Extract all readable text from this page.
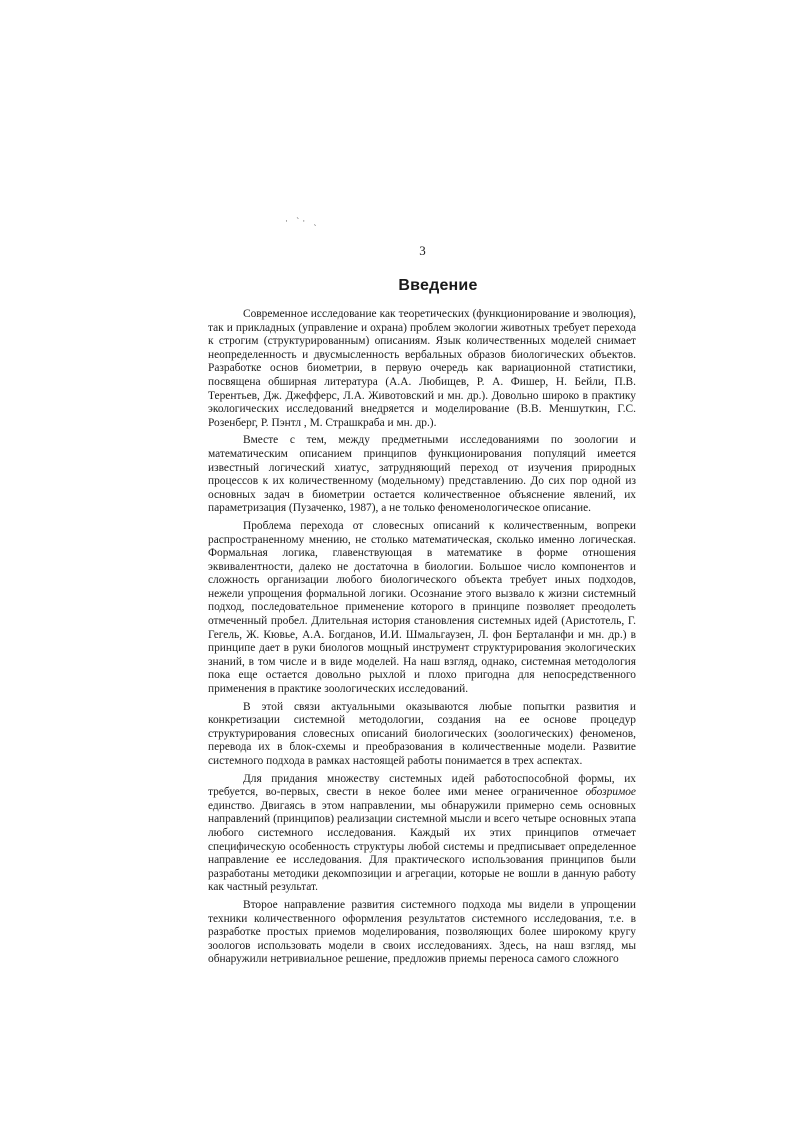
· `· ˏ
3
Введение

Современное исследование как теоретических (функционирование и эволюция), так и прикладных (управление и охрана) проблем экологии животных требует перехода к строгим (структурированным) описаниям. Язык количественных моделей снимает неопределенность и двусмысленность вербальных образов биологических объектов. Разработке основ биометрии, в первую очередь как вариационной статистики, посвящена обширная литература (А.А. Любищев, Р. А. Фишер, Н. Бейли, П.В. Терентьев, Дж. Джефферс, Л.А. Животовский и мн. др.). Довольно широко в практику экологических исследований внедряется и моделирование (В.В. Меншуткин, Г.С. Розенберг, Р. Пэнтл , М. Страшкраба и мн. др.).

Вместе с тем, между предметными исследованиями по зоологии и математическим описанием принципов функционирования популяций имеется известный логический хиатус, затрудняющий переход от изучения природных процессов к их количественному (модельному) представлению. До сих пор одной из основных задач в биометрии остается количественное объяснение явлений, их параметризация (Пузаченко, 1987), а не только феноменологическое описание.

Проблема перехода от словесных описаний к количественным, вопреки распространенному мнению, не столько математическая, сколько именно логическая. Формальная логика, главенствующая в математике в форме отношения эквивалентности, далеко не достаточна в биологии. Большое число компонентов и сложность организации любого биологического объекта требует иных подходов, нежели упрощения формальной логики. Осознание этого вызвало к жизни системный подход, последовательное применение которого в принципе позволяет преодолеть отмеченный пробел. Длительная история становления системных идей (Аристотель, Г. Гегель, Ж. Кювье, А.А. Богданов, И.И. Шмальгаузен, Л. фон Берталанфи и мн. др.) в принципе дает в руки биологов мощный инструмент структурирования экологических знаний, в том числе и в виде моделей. На наш взгляд, однако, системная методология пока еще остается довольно рыхлой и плохо пригодна для непосредственного применения в практике зоологических исследований.

В этой связи актуальными оказываются любые попытки развития и конкретизации системной методологии, создания на ее основе процедур структурирования словесных описаний биологических (зоологических) феноменов, перевода их в блок-схемы и преобразования в количественные модели. Развитие системного подхода в рамках настоящей работы понимается в трех аспектах.

Для придания множеству системных идей работоспособной формы, их требуется, во-первых, свести в некое более ими менее ограниченное обозримое единство. Двигаясь в этом направлении, мы обнаружили примерно семь основных направлений (принципов) реализации системной мысли и всего четыре основных этапа любого системного исследования. Каждый их этих принципов отмечает специфическую особенность структуры любой системы и предписывает определенное направление ее исследования. Для практического использования принципов были разработаны методики декомпозиции и агрегации, которые не вошли в данную работу как частный результат.

Второе направление развития системного подхода мы видели в упрощении техники количественного оформления результатов системного исследования, т.е. в разработке простых приемов моделирования, позволяющих более широкому кругу зоологов использовать модели в своих исследованиях. Здесь, на наш взгляд, мы обнаружили нетривиальное решение, предложив приемы переноса самого сложного
